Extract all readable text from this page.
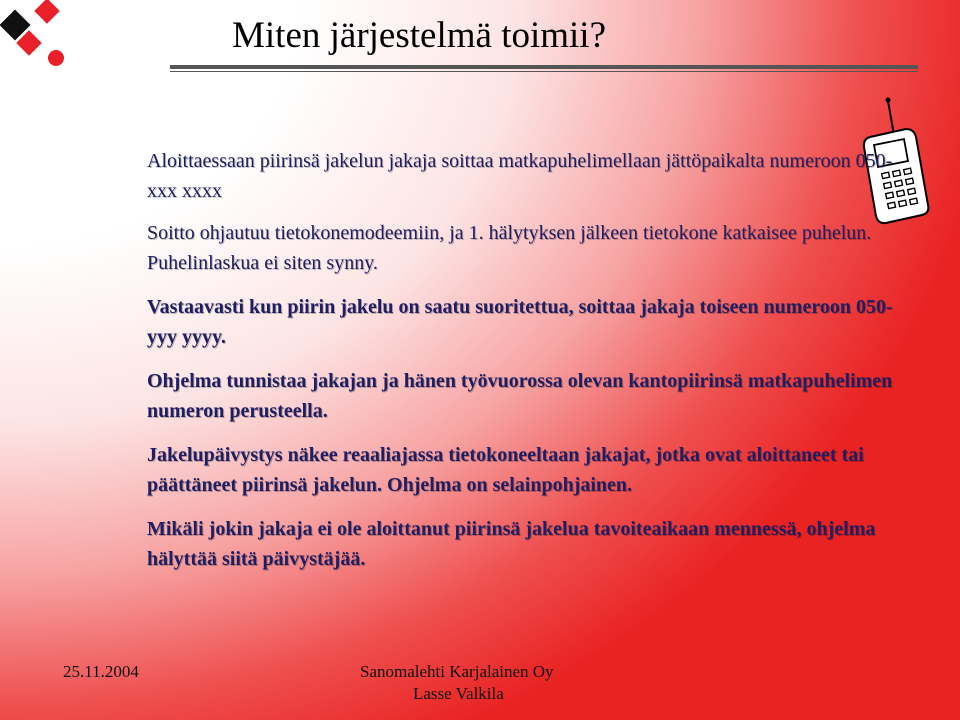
Miten järjestelmä toimii?

Aloittaessaan piirinsä jakelun jakaja soittaa matkapuhelimellaan jättöpaikalta numeroon 050-xxx xxxx

Soitto ohjautuu tietokonemodeemiin, ja 1. hälytyksen jälkeen tietokone katkaisee puhelun. Puhelinlaskua ei siten synny.

Vastaavasti kun piirin jakelu on saatu suoritettua, soittaa jakaja toiseen numeroon 050-yyy yyyy.

Ohjelma tunnistaa jakajan ja hänen työvuorossa olevan kantopiirinsä matkapuhelimen numeron perusteella.

Jakelupäivystys näkee reaaliajassa tietokoneeltaan jakajat, jotka ovat aloittaneet tai päättäneet piirinsä jakelun. Ohjelma on selainpohjainen.

Mikäli jokin jakaja ei ole aloittanut piirinsä jakelua tavoiteaikaan mennessä, ohjelma hälyttää siitä päivystäjää.

25.11.2004	Sanomalehti Karjalainen Oy
Lasse Valkila
